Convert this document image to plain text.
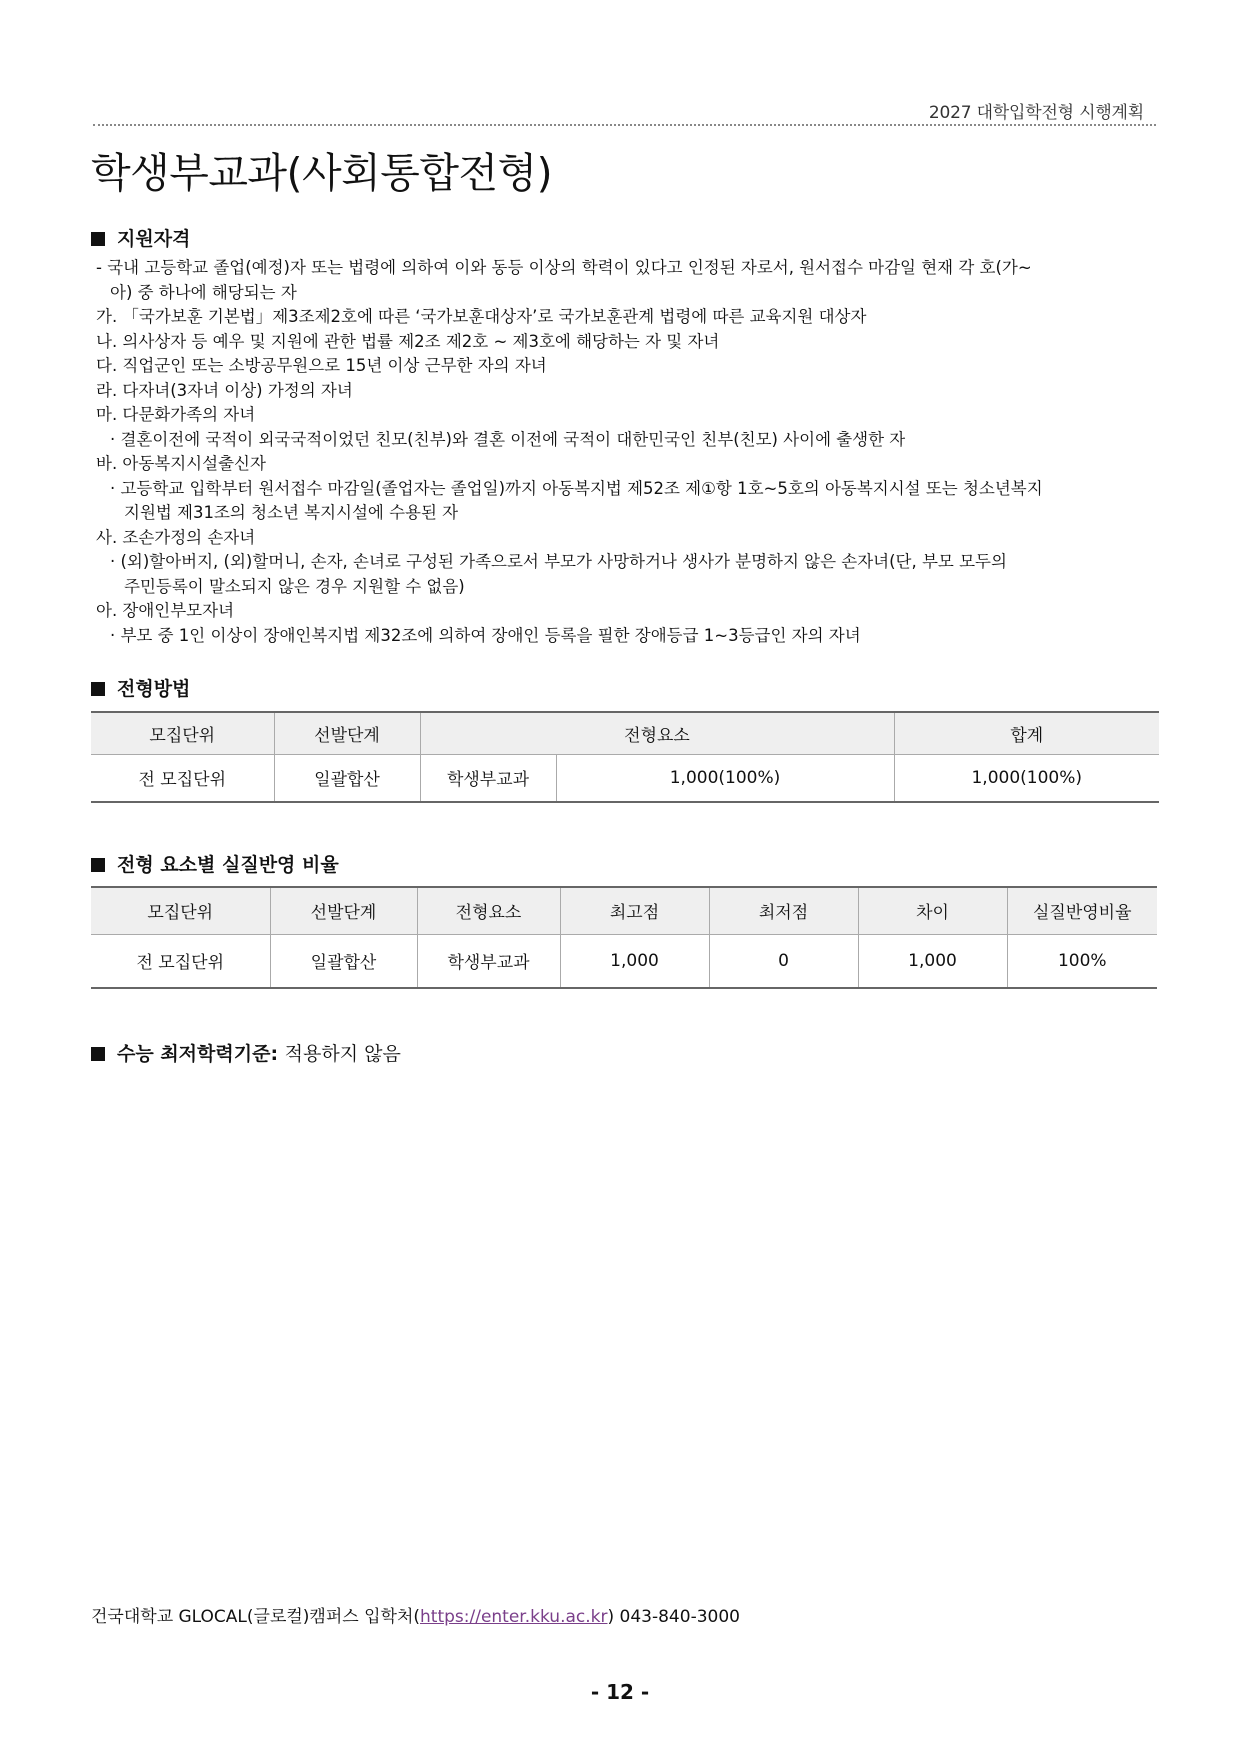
2027 대학입학전형 시행계획
학생부교과(사회통합전형)
지원자격
- 국내 고등학교 졸업(예정)자 또는 법령에 의하여 이와 동등 이상의 학력이 있다고 인정된 자로서, 원서접수 마감일 현재 각 호(가~
아) 중 하나에 해당되는 자
가. 「국가보훈 기본법」제3조제2호에 따른 ‘국가보훈대상자’로 국가보훈관계 법령에 따른 교육지원 대상자
나. 의사상자 등 예우 및 지원에 관한 법률 제2조 제2호 ~ 제3호에 해당하는 자 및 자녀
다. 직업군인 또는 소방공무원으로 15년 이상 근무한 자의 자녀
라. 다자녀(3자녀 이상) 가정의 자녀
마. 다문화가족의 자녀
· 결혼이전에 국적이 외국국적이었던 친모(친부)와 결혼 이전에 국적이 대한민국인 친부(친모) 사이에 출생한 자
바. 아동복지시설출신자
· 고등학교 입학부터 원서접수 마감일(졸업자는 졸업일)까지 아동복지법 제52조 제①항 1호~5호의 아동복지시설 또는 청소년복지
지원법 제31조의 청소년 복지시설에 수용된 자
사. 조손가정의 손자녀
· (외)할아버지, (외)할머니, 손자, 손녀로 구성된 가족으로서 부모가 사망하거나 생사가 분명하지 않은 손자녀(단, 부모 모두의
주민등록이 말소되지 않은 경우 지원할 수 없음)
아. 장애인부모자녀
· 부모 중 1인 이상이 장애인복지법 제32조에 의하여 장애인 등록을 필한 장애등급 1~3등급인 자의 자녀
전형방법
모집단위	선발단계	전형요소		합계
전 모집단위	일괄합산	학생부교과	1,000(100%)	1,000(100%)
전형 요소별 실질반영 비율
모집단위	선발단계	전형요소	최고점	최저점	차이	실질반영비율
전 모집단위	일괄합산	학생부교과	1,000	0	1,000	100%
수능 최저학력기준: 적용하지 않음
건국대학교 GLOCAL(글로컬)캠퍼스 입학처(https://enter.kku.ac.kr) 043-840-3000
- 12 -
